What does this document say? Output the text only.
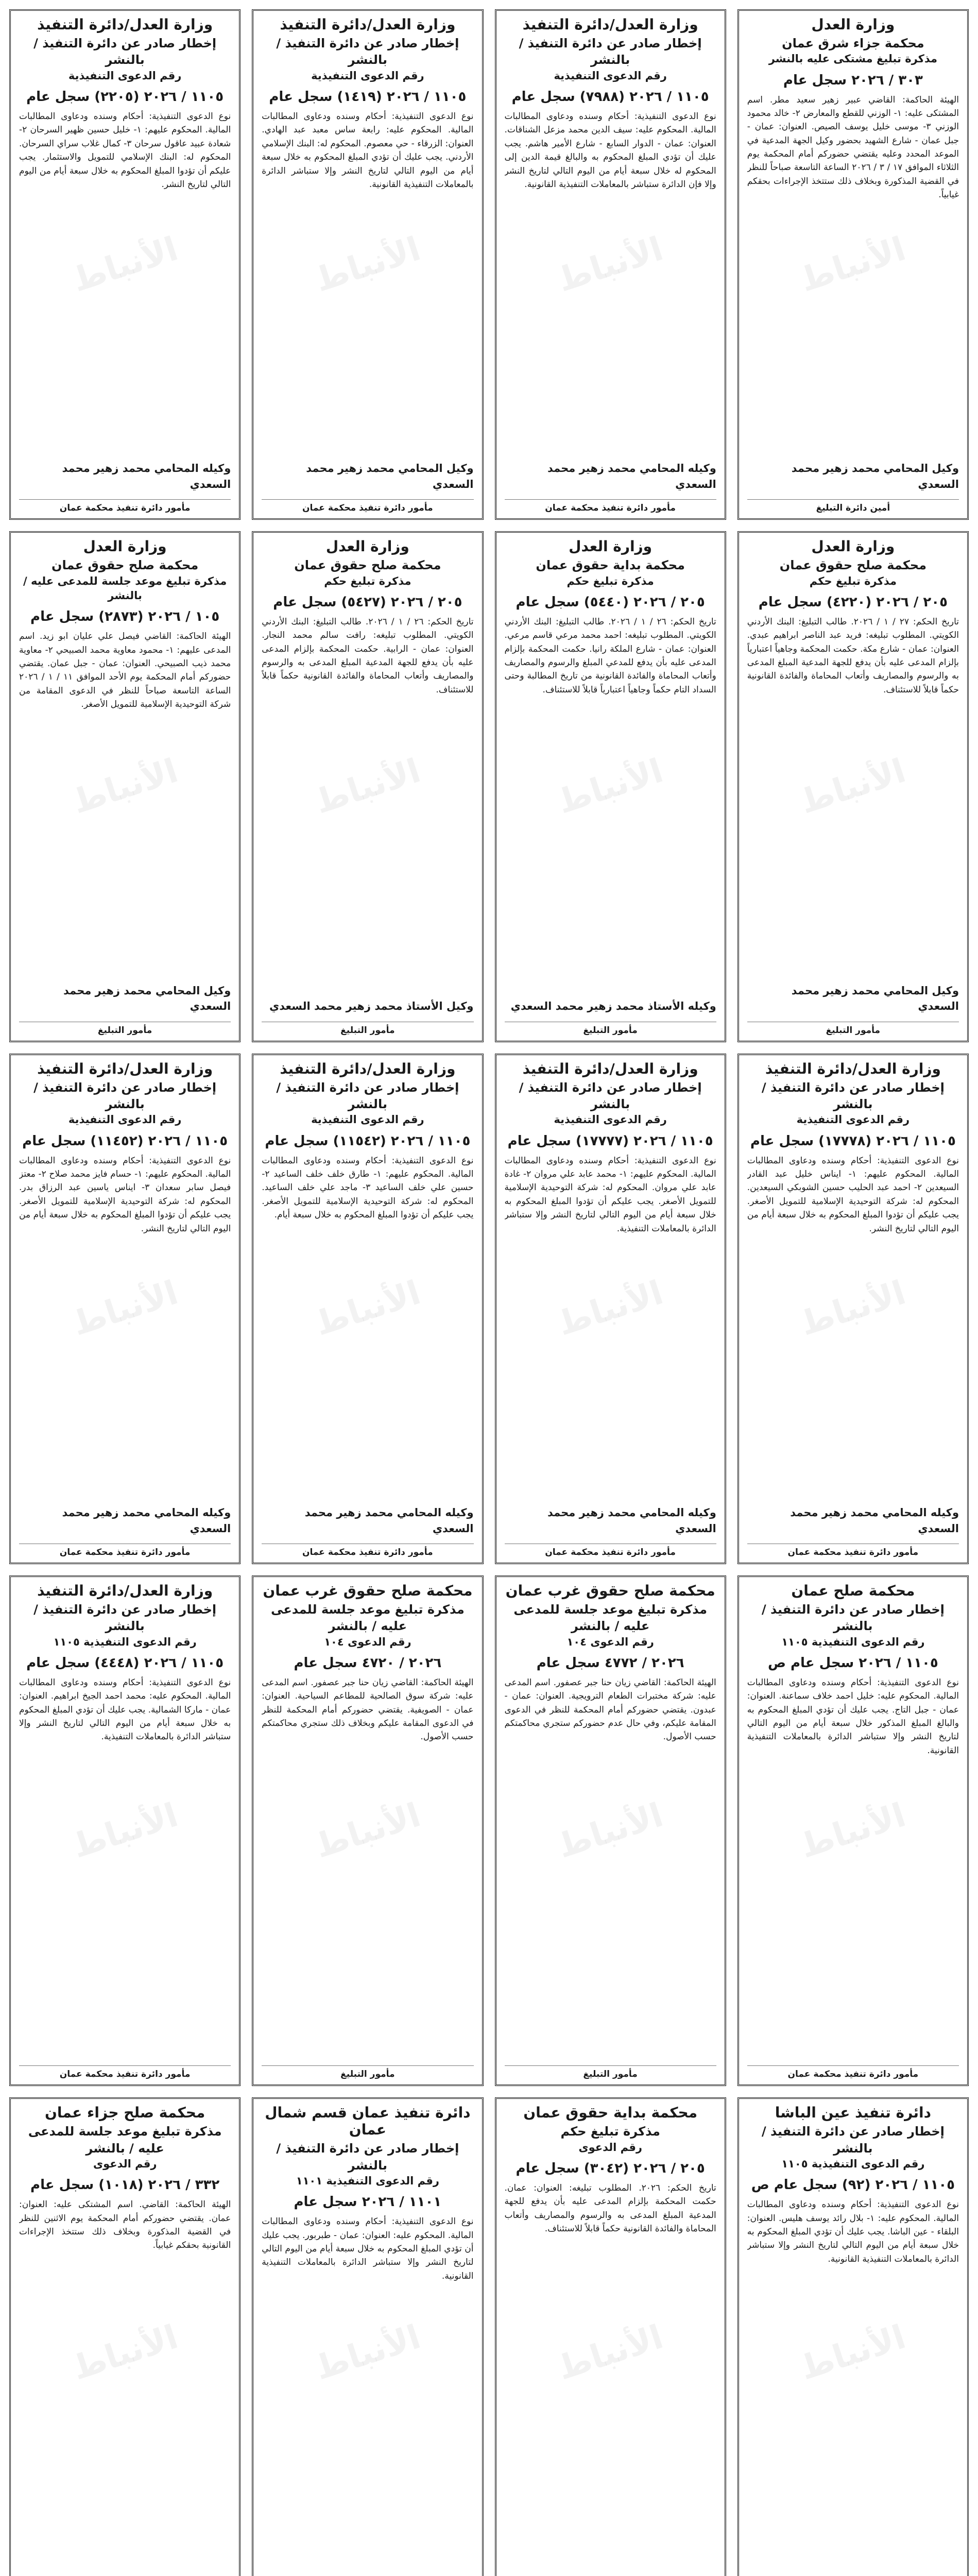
وزارة العدل
محكمة جزاء شرق عمان
مذكرة تبليغ مشتكى عليه بالنشر
٣٠٣ / ٢٠٢٦ سجل عام
الهيئة الحاكمة: القاضي عبير زهير سعيد مطر. اسم المشتكى عليه: ١- الوزني للقطع والمعارض ٢- خالد محمود الوزني ٣- موسى خليل يوسف الصيص. العنوان: عمان - جبل عمان - شارع الشهيد بحضور وكيل الجهة المدعية في الموعد المحدد وعليه يقتضي حضوركم أمام المحكمة يوم الثلاثاء الموافق ١٧ / ٣ / ٢٠٢٦ الساعة التاسعة صباحاً للنظر في القضية المذكورة وبخلاف ذلك ستتخذ الإجراءات بحقكم غيابياً.
وكيل المحامي محمد زهير محمد السعدي
أمين دائرة التبليغ
الأنباط
وزارة العدل/دائرة التنفيذ
إخطار صادر عن دائرة التنفيذ / بالنشر
رقم الدعوى التنفيذية
١١٠٥ / ٢٠٢٦ (٧٩٨٨) سجل عام
نوع الدعوى التنفيذية: أحكام وسنده ودعاوى المطالبات المالية. المحكوم عليه: سيف الدين محمد مزعل الشناقات. العنوان: عمان - الدوار السابع - شارع الأمير هاشم. يجب عليك أن تؤدي المبلغ المحكوم به والبالغ قيمة الدين إلى المحكوم له خلال سبعة أيام من اليوم التالي لتاريخ النشر وإلا فإن الدائرة ستباشر بالمعاملات التنفيذية القانونية.
وكيله المحامي محمد زهير محمد السعدي
مأمور دائرة تنفيذ محكمة عمان
الأنباط
وزارة العدل/دائرة التنفيذ
إخطار صادر عن دائرة التنفيذ / بالنشر
رقم الدعوى التنفيذية
١١٠٥ / ٢٠٢٦ (١٤١٩) سجل عام
نوع الدعوى التنفيذية: أحكام وسنده ودعاوى المطالبات المالية. المحكوم عليه: رابعة ساس معبد عبد الهادي. العنوان: الزرقاء - حي معصوم. المحكوم له: البنك الإسلامي الأردني. يجب عليك أن تؤدي المبلغ المحكوم به خلال سبعة أيام من اليوم التالي لتاريخ النشر وإلا ستباشر الدائرة بالمعاملات التنفيذية القانونية.
وكيل المحامي محمد زهير محمد السعدي
مأمور دائرة تنفيذ محكمة عمان
الأنباط
وزارة العدل/دائرة التنفيذ
إخطار صادر عن دائرة التنفيذ / بالنشر
رقم الدعوى التنفيذية
١١٠٥ / ٢٠٢٦ (٢٢٠٥) سجل عام
نوع الدعوى التنفيذية: أحكام وسنده ودعاوى المطالبات المالية. المحكوم عليهم: ١- خليل حسين ظهير السرحان ٢- شعادة عبيد عاقول سرحان ٣- كمال غلاب سراي السرحان. المحكوم له: البنك الإسلامي للتمويل والاستثمار. يجب عليكم أن تؤدوا المبلغ المحكوم به خلال سبعة أيام من اليوم التالي لتاريخ النشر.
وكيله المحامي محمد زهير محمد السعدي
مأمور دائرة تنفيذ محكمة عمان
الأنباط
وزارة العدل
محكمة صلح حقوق عمان
مذكرة تبليغ حكم
٢٠٥ / ٢٠٢٦ (٤٢٢٠) سجل عام
تاريخ الحكم: ٢٧ / ١ / ٢٠٢٦. طالب التبليغ: البنك الأردني الكويتي. المطلوب تبليغه: فريد عبد الناصر ابراهيم عبدي. العنوان: عمان - شارع مكة. حكمت المحكمة وجاهياً اعتبارياً بإلزام المدعى عليه بأن يدفع للجهة المدعية المبلغ المدعى به والرسوم والمصاريف وأتعاب المحاماة والفائدة القانونية حكماً قابلاً للاستئناف.
وكيل المحامي محمد زهير محمد السعدي
مأمور التبليغ
الأنباط
وزارة العدل
محكمة بداية حقوق عمان
مذكرة تبليغ حكم
٢٠٥ / ٢٠٢٦ (٥٤٤٠) سجل عام
تاريخ الحكم: ٢٦ / ١ / ٢٠٢٦. طالب التبليغ: البنك الأردني الكويتي. المطلوب تبليغه: احمد محمد مرعي قاسم مرعي. العنوان: عمان - شارع الملكة رانيا. حكمت المحكمة بإلزام المدعى عليه بأن يدفع للمدعي المبلغ والرسوم والمصاريف وأتعاب المحاماة والفائدة القانونية من تاريخ المطالبة وحتى السداد التام حكماً وجاهياً اعتبارياً قابلاً للاستئناف.
وكيله الأستاذ محمد زهير محمد السعدي
مأمور التبليغ
الأنباط
وزارة العدل
محكمة صلح حقوق عمان
مذكرة تبليغ حكم
٢٠٥ / ٢٠٢٦ (٥٤٢٧) سجل عام
تاريخ الحكم: ٢٦ / ١ / ٢٠٢٦. طالب التبليغ: البنك الأردني الكويتي. المطلوب تبليغه: رافت سالم محمد النجار. العنوان: عمان - الرابية. حكمت المحكمة بإلزام المدعى عليه بأن يدفع للجهة المدعية المبلغ المدعى به والرسوم والمصاريف وأتعاب المحاماة والفائدة القانونية حكماً قابلاً للاستئناف.
وكيل الأستاذ محمد زهير محمد السعدي
مأمور التبليغ
الأنباط
وزارة العدل
محكمة صلح حقوق عمان
مذكرة تبليغ موعد جلسة للمدعى عليه / بالنشر
١٠٥ / ٢٠٢٦ (٢٨٧٣) سجل عام
الهيئة الحاكمة: القاضي فيصل علي عليان ابو زيد. اسم المدعى عليهم: ١- محمود معاوية محمد الصبيحي ٢- معاوية محمد ذيب الصبيحي. العنوان: عمان - جبل عمان. يقتضي حضوركم أمام المحكمة يوم الأحد الموافق ١١ / ١ / ٢٠٢٦ الساعة التاسعة صباحاً للنظر في الدعوى المقامة من شركة التوحيدية الإسلامية للتمويل الأصغر.
وكيل المحامي محمد زهير محمد السعدي
مأمور التبليغ
الأنباط
وزارة العدل/دائرة التنفيذ
إخطار صادر عن دائرة التنفيذ / بالنشر
رقم الدعوى التنفيذية
١١٠٥ / ٢٠٢٦ (١٧٧٧٨) سجل عام
نوع الدعوى التنفيذية: أحكام وسنده ودعاوى المطالبات المالية. المحكوم عليهم: ١- ايناس خليل عبد القادر السيعدين ٢- احمد عبد الحليب حسين الشوبكي السيعدين. المحكوم له: شركة التوحيدية الإسلامية للتمويل الأصغر. يجب عليكم أن تؤدوا المبلغ المحكوم به خلال سبعة أيام من اليوم التالي لتاريخ النشر.
وكيله المحامي محمد زهير محمد السعدي
مأمور دائرة تنفيذ محكمة عمان
الأنباط
وزارة العدل/دائرة التنفيذ
إخطار صادر عن دائرة التنفيذ / بالنشر
رقم الدعوى التنفيذية
١١٠٥ / ٢٠٢٦ (١٧٧٧٧) سجل عام
نوع الدعوى التنفيذية: أحكام وسنده ودعاوى المطالبات المالية. المحكوم عليهم: ١- محمد عابد علي مروان ٢- غادة عابد علي مروان. المحكوم له: شركة التوحيدية الإسلامية للتمويل الأصغر. يجب عليكم أن تؤدوا المبلغ المحكوم به خلال سبعة أيام من اليوم التالي لتاريخ النشر وإلا ستباشر الدائرة بالمعاملات التنفيذية.
وكيله المحامي محمد زهير محمد السعدي
مأمور دائرة تنفيذ محكمة عمان
الأنباط
وزارة العدل/دائرة التنفيذ
إخطار صادر عن دائرة التنفيذ / بالنشر
رقم الدعوى التنفيذية
١١٠٥ / ٢٠٢٦ (١١٥٤٢) سجل عام
نوع الدعوى التنفيذية: أحكام وسنده ودعاوى المطالبات المالية. المحكوم عليهم: ١- طارق خلف خلف الساعيد ٢- حسين علي خلف الساعيد ٣- ماجد علي خلف الساعيد. المحكوم له: شركة التوحيدية الإسلامية للتمويل الأصغر. يجب عليكم أن تؤدوا المبلغ المحكوم به خلال سبعة أيام.
وكيله المحامي محمد زهير محمد السعدي
مأمور دائرة تنفيذ محكمة عمان
الأنباط
وزارة العدل/دائرة التنفيذ
إخطار صادر عن دائرة التنفيذ / بالنشر
رقم الدعوى التنفيذية
١١٠٥ / ٢٠٢٦ (١١٤٥٢) سجل عام
نوع الدعوى التنفيذية: أحكام وسنده ودعاوى المطالبات المالية. المحكوم عليهم: ١- حسام فايز محمد صلاح ٢- معتز فيصل سابر سعدان ٣- ايناس ياسين عبد الرزاق بدر. المحكوم له: شركة التوحيدية الإسلامية للتمويل الأصغر. يجب عليكم أن تؤدوا المبلغ المحكوم به خلال سبعة أيام من اليوم التالي لتاريخ النشر.
وكيله المحامي محمد زهير محمد السعدي
مأمور دائرة تنفيذ محكمة عمان
الأنباط
محكمة صلح عمان
إخطار صادر عن دائرة التنفيذ / بالنشر
رقم الدعوى التنفيذية ١١٠٥
١١٠٥ / ٢٠٢٦ سجل عام ص
نوع الدعوى التنفيذية: أحكام وسنده ودعاوى المطالبات المالية. المحكوم عليه: خليل احمد خلاف سماعنة. العنوان: عمان - جبل التاج. يجب عليك أن تؤدي المبلغ المحكوم به والبالغ المبلغ المذكور خلال سبعة أيام من اليوم التالي لتاريخ النشر وإلا ستباشر الدائرة بالمعاملات التنفيذية القانونية.
مأمور دائرة تنفيذ محكمة عمان
الأنباط
محكمة صلح حقوق غرب عمان
مذكرة تبليغ موعد جلسة للمدعى عليه / بالنشر
رقم الدعوى ١٠٤
٢٠٢٦ / ٤٧٧٢ سجل عام
الهيئة الحاكمة: القاضي زيان حنا جبر عصفور. اسم المدعى عليه: شركة مختبرات الطعام الترويجية. العنوان: عمان - عبدون. يقتضي حضوركم أمام المحكمة للنظر في الدعوى المقامة عليكم، وفي حال عدم حضوركم ستجري محاكمتكم حسب الأصول.
مأمور التبليغ
الأنباط
محكمة صلح حقوق غرب عمان
مذكرة تبليغ موعد جلسة للمدعى عليه / بالنشر
رقم الدعوى ١٠٤
٢٠٢٦ / ٤٧٢٠ سجل عام
الهيئة الحاكمة: القاضي زيان حنا جبر عصفور. اسم المدعى عليه: شركة سوق الصالحية للمطاعم السياحية. العنوان: عمان - الصويفية. يقتضي حضوركم أمام المحكمة للنظر في الدعوى المقامة عليكم وبخلاف ذلك ستجري محاكمتكم حسب الأصول.
مأمور التبليغ
الأنباط
وزارة العدل/دائرة التنفيذ
إخطار صادر عن دائرة التنفيذ / بالنشر
رقم الدعوى التنفيذية ١١٠٥
١١٠٥ / ٢٠٢٦ (٤٤٤٨) سجل عام
نوع الدعوى التنفيذية: أحكام وسنده ودعاوى المطالبات المالية. المحكوم عليه: محمد احمد الجيخ ابراهيم. العنوان: عمان - ماركا الشمالية. يجب عليك أن تؤدي المبلغ المحكوم به خلال سبعة أيام من اليوم التالي لتاريخ النشر وإلا ستباشر الدائرة بالمعاملات التنفيذية.
مأمور دائرة تنفيذ محكمة عمان
الأنباط
دائرة تنفيذ عين الباشا
إخطار صادر عن دائرة التنفيذ / بالنشر
رقم الدعوى التنفيذية ١١٠٥
١١٠٥ / ٢٠٢٦ (٩٢) سجل عام ص
نوع الدعوى التنفيذية: أحكام وسنده ودعاوى المطالبات المالية. المحكوم عليه: ١- بلال رائد يوسف هليس. العنوان: البلقاء - عين الباشا. يجب عليك أن تؤدي المبلغ المحكوم به خلال سبعة أيام من اليوم التالي لتاريخ النشر وإلا ستباشر الدائرة بالمعاملات التنفيذية القانونية.
الأنباط
محكمة بداية حقوق عمان
مذكرة تبليغ حكم
رقم الدعوى
٢٠٥ / ٢٠٢٦ (٣٠٤٢) سجل عام
تاريخ الحكم: ٢٠٢٦. المطلوب تبليغه: العنوان: عمان. حكمت المحكمة بإلزام المدعى عليه بأن يدفع للجهة المدعية المبلغ المدعى به والرسوم والمصاريف وأتعاب المحاماة والفائدة القانونية حكماً قابلاً للاستئناف.
الأنباط
دائرة تنفيذ عمان قسم شمال عمان
إخطار صادر عن دائرة التنفيذ / بالنشر
رقم الدعوى التنفيذية ١١٠١
١١٠١ / ٢٠٢٦ سجل عام
نوع الدعوى التنفيذية: أحكام وسنده ودعاوى المطالبات المالية. المحكوم عليه: العنوان: عمان - طبربور. يجب عليك أن تؤدي المبلغ المحكوم به خلال سبعة أيام من اليوم التالي لتاريخ النشر وإلا ستباشر الدائرة بالمعاملات التنفيذية القانونية.
الأنباط
محكمة صلح جزاء عمان
مذكرة تبليغ موعد جلسة للمدعى عليه / بالنشر
رقم الدعوى
٣٣٢ / ٢٠٢٦ (١٠١٨) سجل عام
الهيئة الحاكمة: القاضي. اسم المشتكى عليه: العنوان: عمان. يقتضي حضوركم أمام المحكمة يوم الاثنين للنظر في القضية المذكورة وبخلاف ذلك ستتخذ الإجراءات القانونية بحقكم غيابياً.
الأنباط
